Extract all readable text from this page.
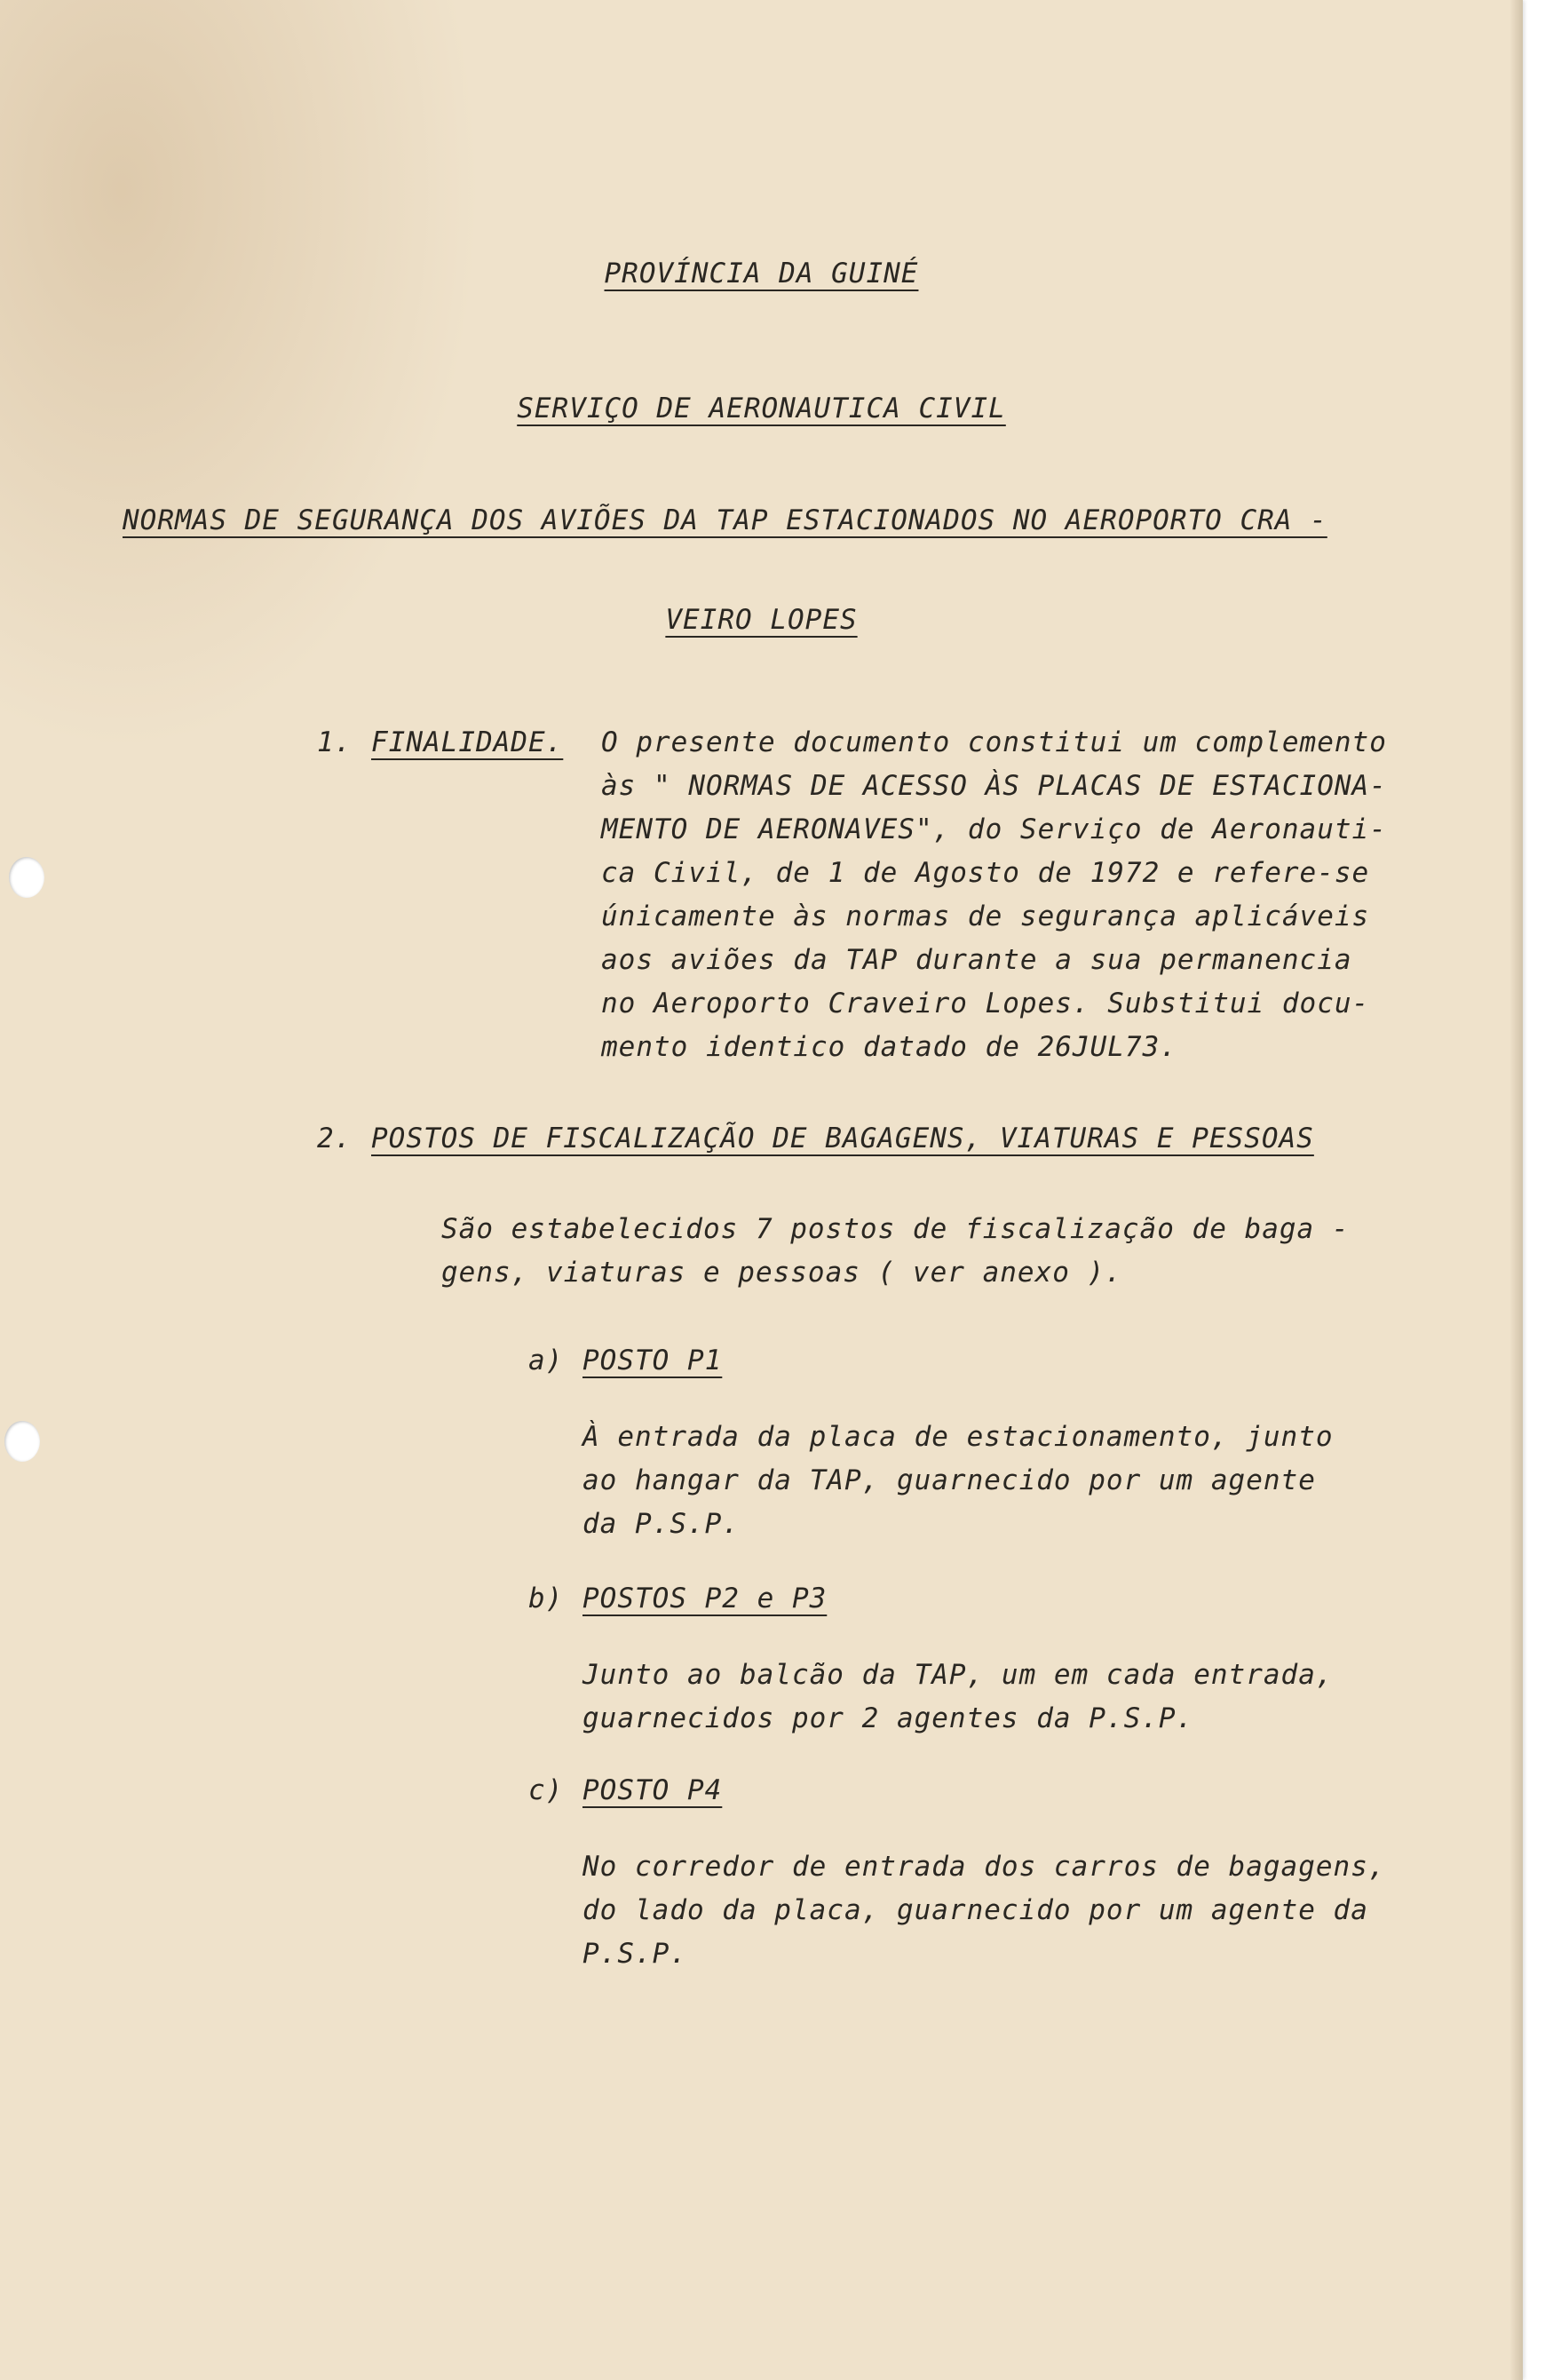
PROVÍNCIA DA GUINÉ
SERVIÇO DE AERONAUTICA CIVIL
NORMAS DE SEGURANÇA DOS AVIÕES DA TAP ESTACIONADOS NO AEROPORTO CRA -
VEIRO LOPES
1. FINALIDADE. O presente documento constitui um complemento
às " NORMAS DE ACESSO ÀS PLACAS DE ESTACIONA-
MENTO DE AERONAVES", do Serviço de Aeronauti-
ca Civil, de 1 de Agosto de 1972 e refere-se
únicamente às normas de segurança aplicáveis
aos aviões da TAP durante a sua permanencia
no Aeroporto Craveiro Lopes. Substitui docu-
mento identico datado de 26JUL73.
2. POSTOS DE FISCALIZAÇÃO DE BAGAGENS, VIATURAS E PESSOAS
São estabelecidos 7 postos de fiscalização de baga -
gens, viaturas e pessoas ( ver anexo ).
a) POSTO P1
À entrada da placa de estacionamento, junto
ao hangar da TAP, guarnecido por um agente
da P.S.P.
b) POSTOS P2 e P3
Junto ao balcão da TAP, um em cada entrada,
guarnecidos por 2 agentes da P.S.P.
c) POSTO P4
No corredor de entrada dos carros de bagagens,
do lado da placa, guarnecido por um agente da
P.S.P.
